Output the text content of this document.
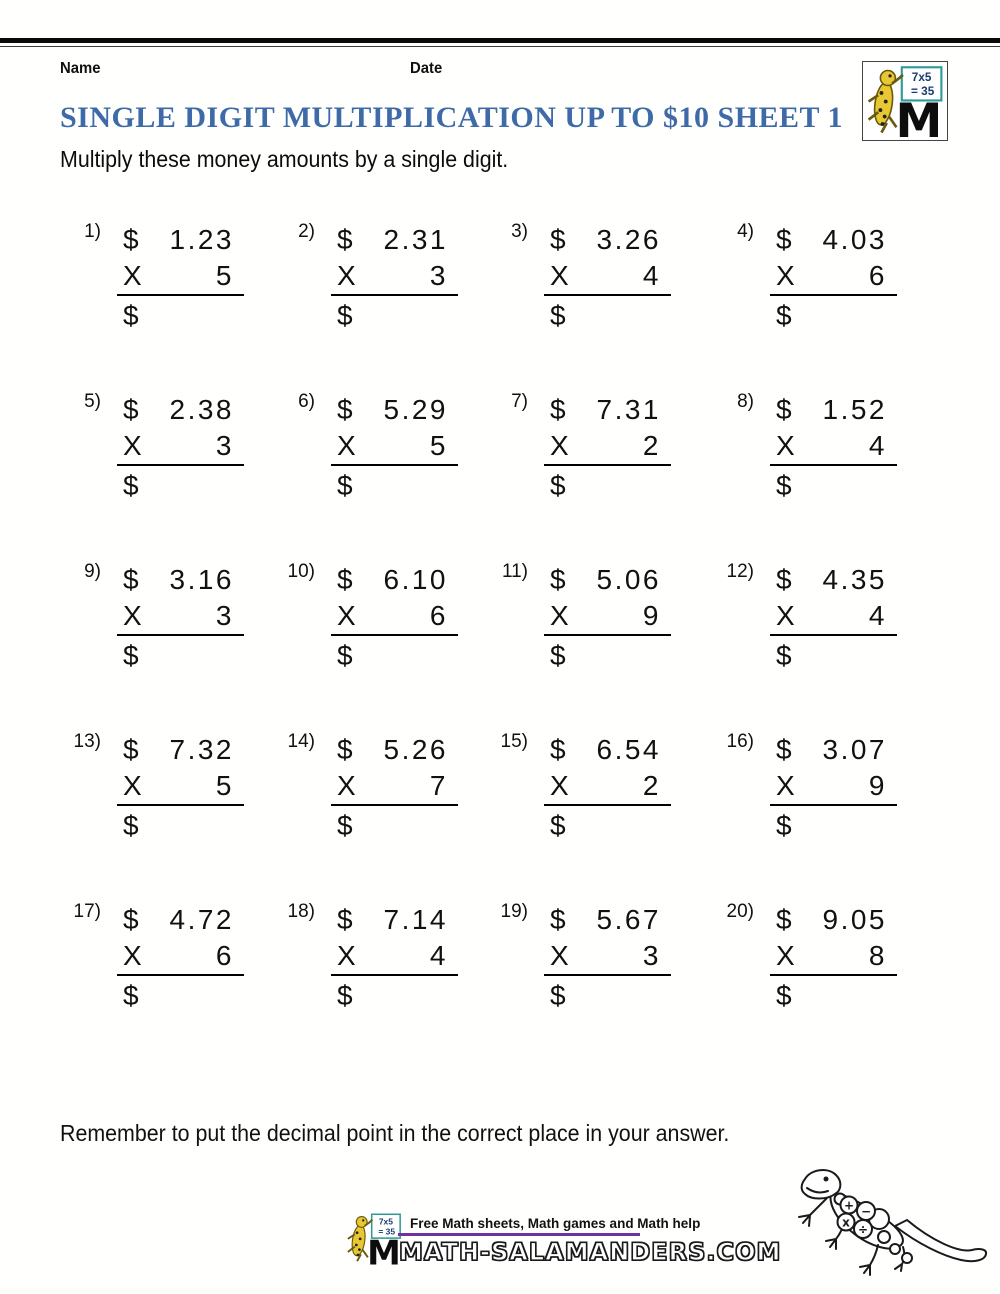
Name	Date
SINGLE DIGIT MULTIPLICATION UP TO $10 SHEET 1
Multiply these money amounts by a single digit.
1) $ 1.23
X	5
$
2) $ 2.31
X	3
$
3) $ 3.26
X	4
$
4) $ 4.03
X	6
$
5) $ 2.38
X	3
$
6) $ 5.29
X	5
$
7) $ 7.31
X	2
$
8) $ 1.52
X	4
$
9) $ 3.16
X	3
$
10) $ 6.10
X	6
$
11) $ 5.06
X	9
$
12) $ 4.35
X	4
$
13) $ 7.32
X	5
$
14) $ 5.26
X	7
$
15) $ 6.54
X	2
$
16) $ 3.07
X	9
$
17) $ 4.72
X	6
$
18) $ 7.14
X	4
$
19) $ 5.67
X	3
$
20) $ 9.05
X	8
$
Remember to put the decimal point in the correct place in your answer.
Free Math sheets, Math games and Math help
MATH-SALAMANDERS.COM
+ −
x ÷
